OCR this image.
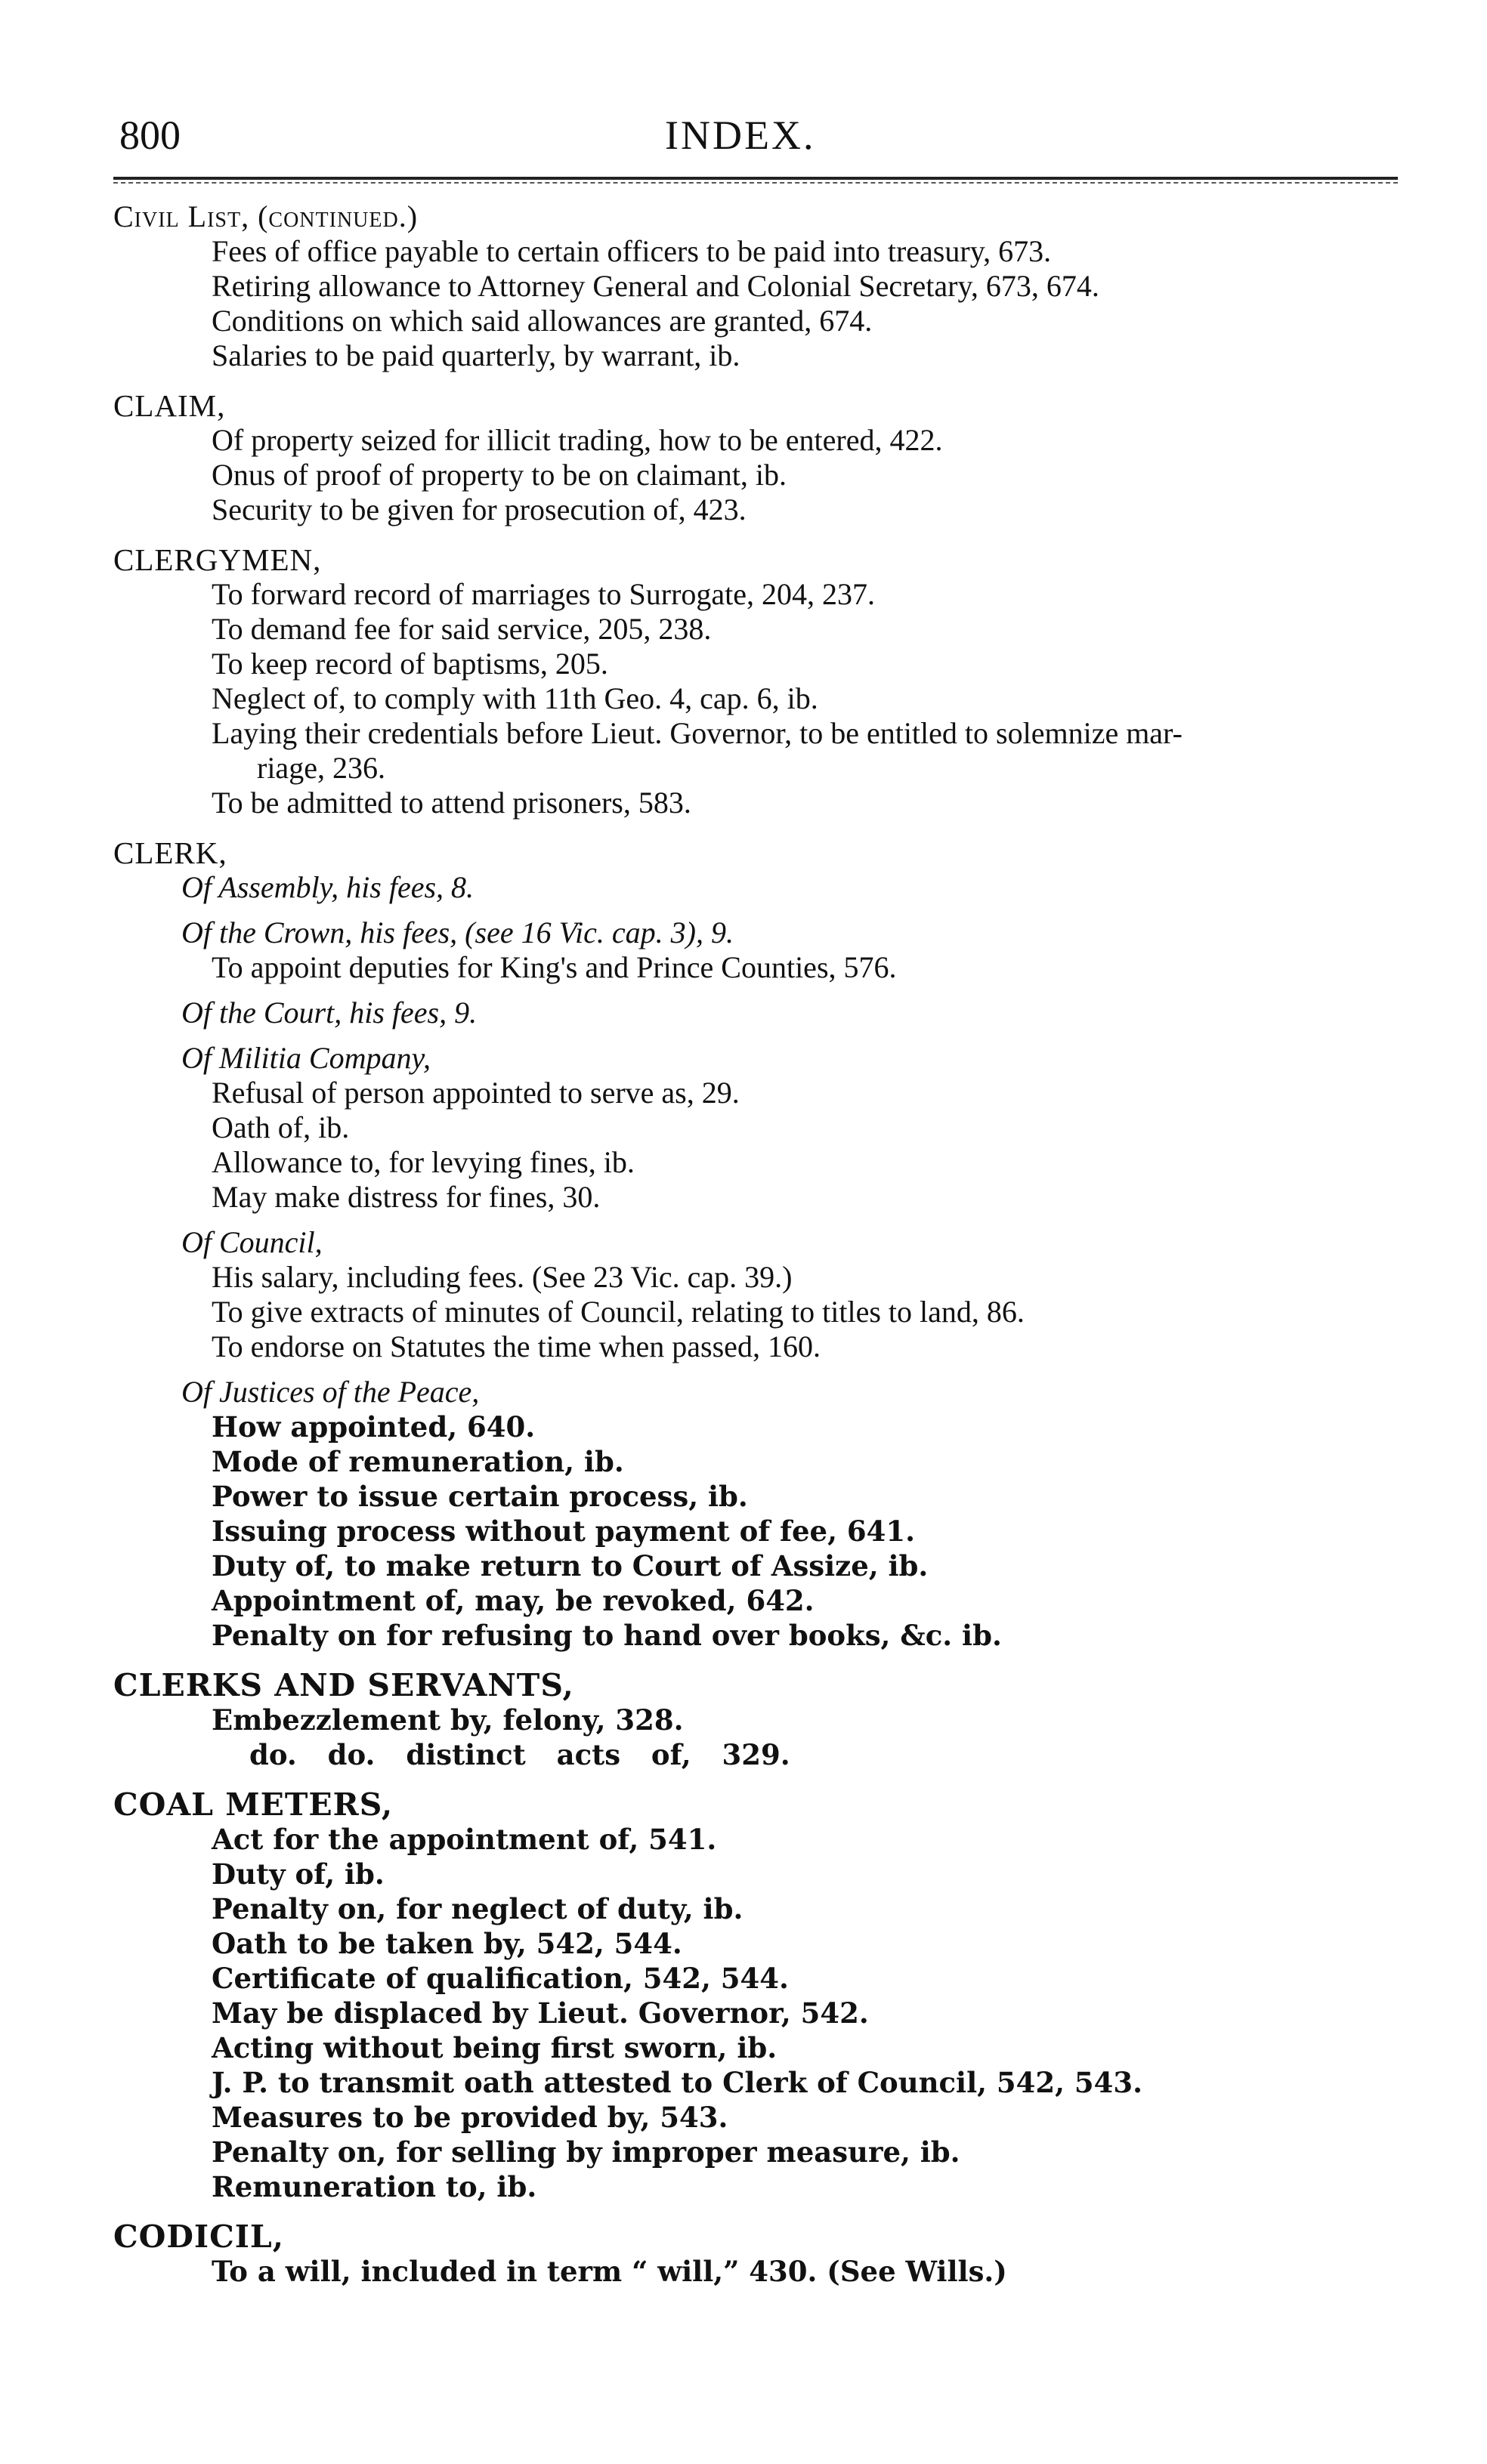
800	INDEX.
Civil List, (continued.)
Fees of office payable to certain officers to be paid into treasury, 673.
Retiring allowance to Attorney General and Colonial Secretary, 673, 674.
Conditions on which said allowances are granted, 674.
Salaries to be paid quarterly, by warrant, ib.
CLAIM,
Of property seized for illicit trading, how to be entered, 422.
Onus of proof of property to be on claimant, ib.
Security to be given for prosecution of, 423.
CLERGYMEN,
To forward record of marriages to Surrogate, 204, 237.
To demand fee for said service, 205, 238.
To keep record of baptisms, 205.
Neglect of, to comply with 11th Geo. 4, cap. 6, ib.
Laying their credentials before Lieut. Governor, to be entitled to solemnize mar-
riage, 236.
To be admitted to attend prisoners, 583.
CLERK,
Of Assembly, his fees, 8.
Of the Crown, his fees, (see 16 Vic. cap. 3), 9.
To appoint deputies for King's and Prince Counties, 576.
Of the Court, his fees, 9.
Of Militia Company,
Refusal of person appointed to serve as, 29.
Oath of, ib.
Allowance to, for levying fines, ib.
May make distress for fines, 30.
Of Council,
His salary, including fees. (See 23 Vic. cap. 39.)
To give extracts of minutes of Council, relating to titles to land, 86.
To endorse on Statutes the time when passed, 160.
Of Justices of the Peace,
How appointed, 640.
Mode of remuneration, ib.
Power to issue certain process, ib.
Issuing process without payment of fee, 641.
Duty of, to make return to Court of Assize, ib.
Appointment of, may, be revoked, 642.
Penalty on for refusing to hand over books, &c. ib.
CLERKS AND SERVANTS,
Embezzlement by, felony, 328.
do. do. distinct acts of, 329.
COAL METERS,
Act for the appointment of, 541.
Duty of, ib.
Penalty on, for neglect of duty, ib.
Oath to be taken by, 542, 544.
Certificate of qualification, 542, 544.
May be displaced by Lieut. Governor, 542.
Acting without being first sworn, ib.
J. P. to transmit oath attested to Clerk of Council, 542, 543.
Measures to be provided by, 543.
Penalty on, for selling by improper measure, ib.
Remuneration to, ib.
CODICIL,
To a will, included in term “ will,” 430. (See Wills.)
